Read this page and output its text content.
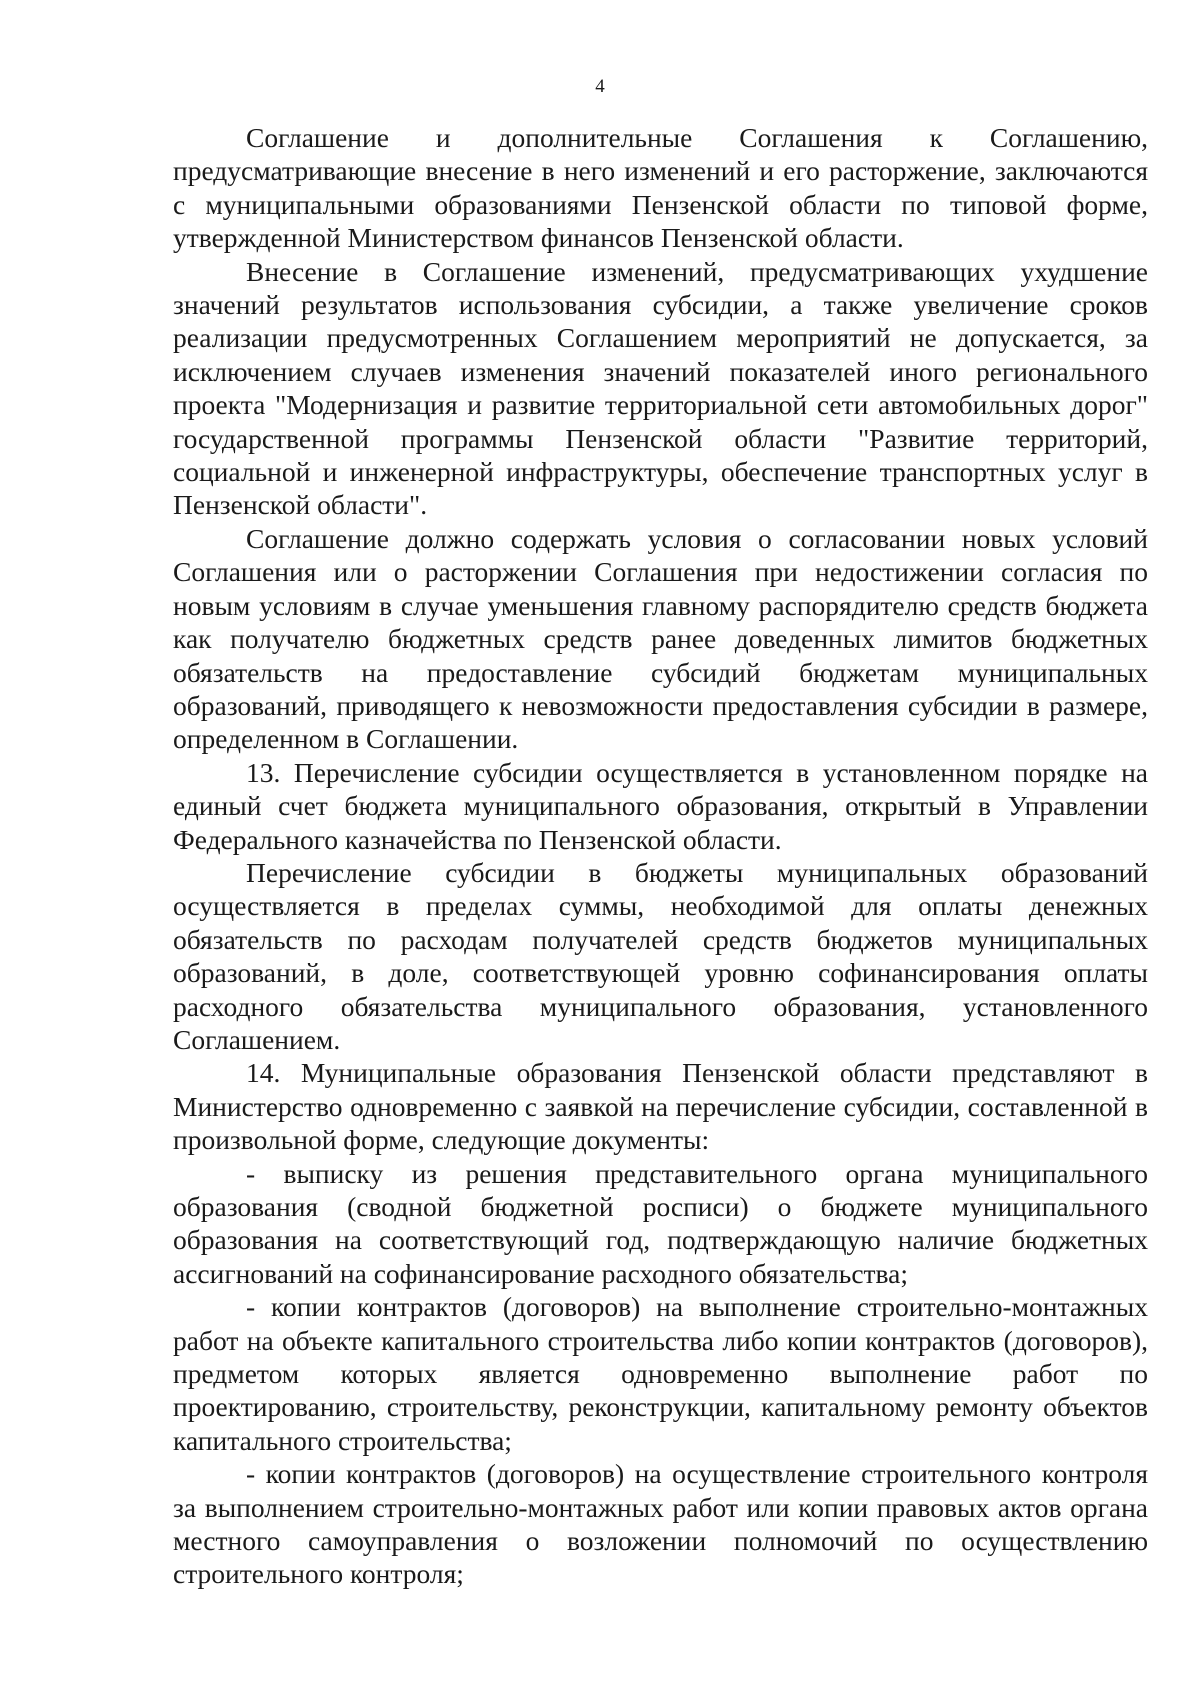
4

Соглашение и дополнительные Соглашения к Соглашению, предусматривающие внесение в него изменений и его расторжение, заключаются с муниципальными образованиями Пензенской области по типовой форме, утвержденной Министерством финансов Пензенской области.

Внесение в Соглашение изменений, предусматривающих ухудшение значений результатов использования субсидии, а также увеличение сроков реализации предусмотренных Соглашением мероприятий не допускается, за исключением случаев изменения значений показателей иного регионального проекта "Модернизация и развитие территориальной сети автомобильных дорог" государственной программы Пензенской области "Развитие территорий, социальной и инженерной инфраструктуры, обеспечение транспортных услуг в Пензенской области".

Соглашение должно содержать условия о согласовании новых условий Соглашения или о расторжении Соглашения при недостижении согласия по новым условиям в случае уменьшения главному распорядителю средств бюджета как получателю бюджетных средств ранее доведенных лимитов бюджетных обязательств на предоставление субсидий бюджетам муниципальных образований, приводящего к невозможности предоставления субсидии в размере, определенном в Соглашении.

13. Перечисление субсидии осуществляется в установленном порядке на единый счет бюджета муниципального образования, открытый в Управлении Федерального казначейства по Пензенской области.

Перечисление субсидии в бюджеты муниципальных образований осуществляется в пределах суммы, необходимой для оплаты денежных обязательств по расходам получателей средств бюджетов муниципальных образований, в доле, соответствующей уровню софинансирования оплаты расходного обязательства муниципального образования, установленного Соглашением.

14. Муниципальные образования Пензенской области представляют в Министерство одновременно с заявкой на перечисление субсидии, составленной в произвольной форме, следующие документы:

- выписку из решения представительного органа муниципального образования (сводной бюджетной росписи) о бюджете муниципального образования на соответствующий год, подтверждающую наличие бюджетных ассигнований на софинансирование расходного обязательства;

- копии контрактов (договоров) на выполнение строительно-монтажных работ на объекте капитального строительства либо копии контрактов (договоров), предметом которых является одновременно выполнение работ по проектированию, строительству, реконструкции, капитальному ремонту объектов капитального строительства;

- копии контрактов (договоров) на осуществление строительного контроля за выполнением строительно-монтажных работ или копии правовых актов органа местного самоуправления о возложении полномочий по осуществлению строительного контроля;
